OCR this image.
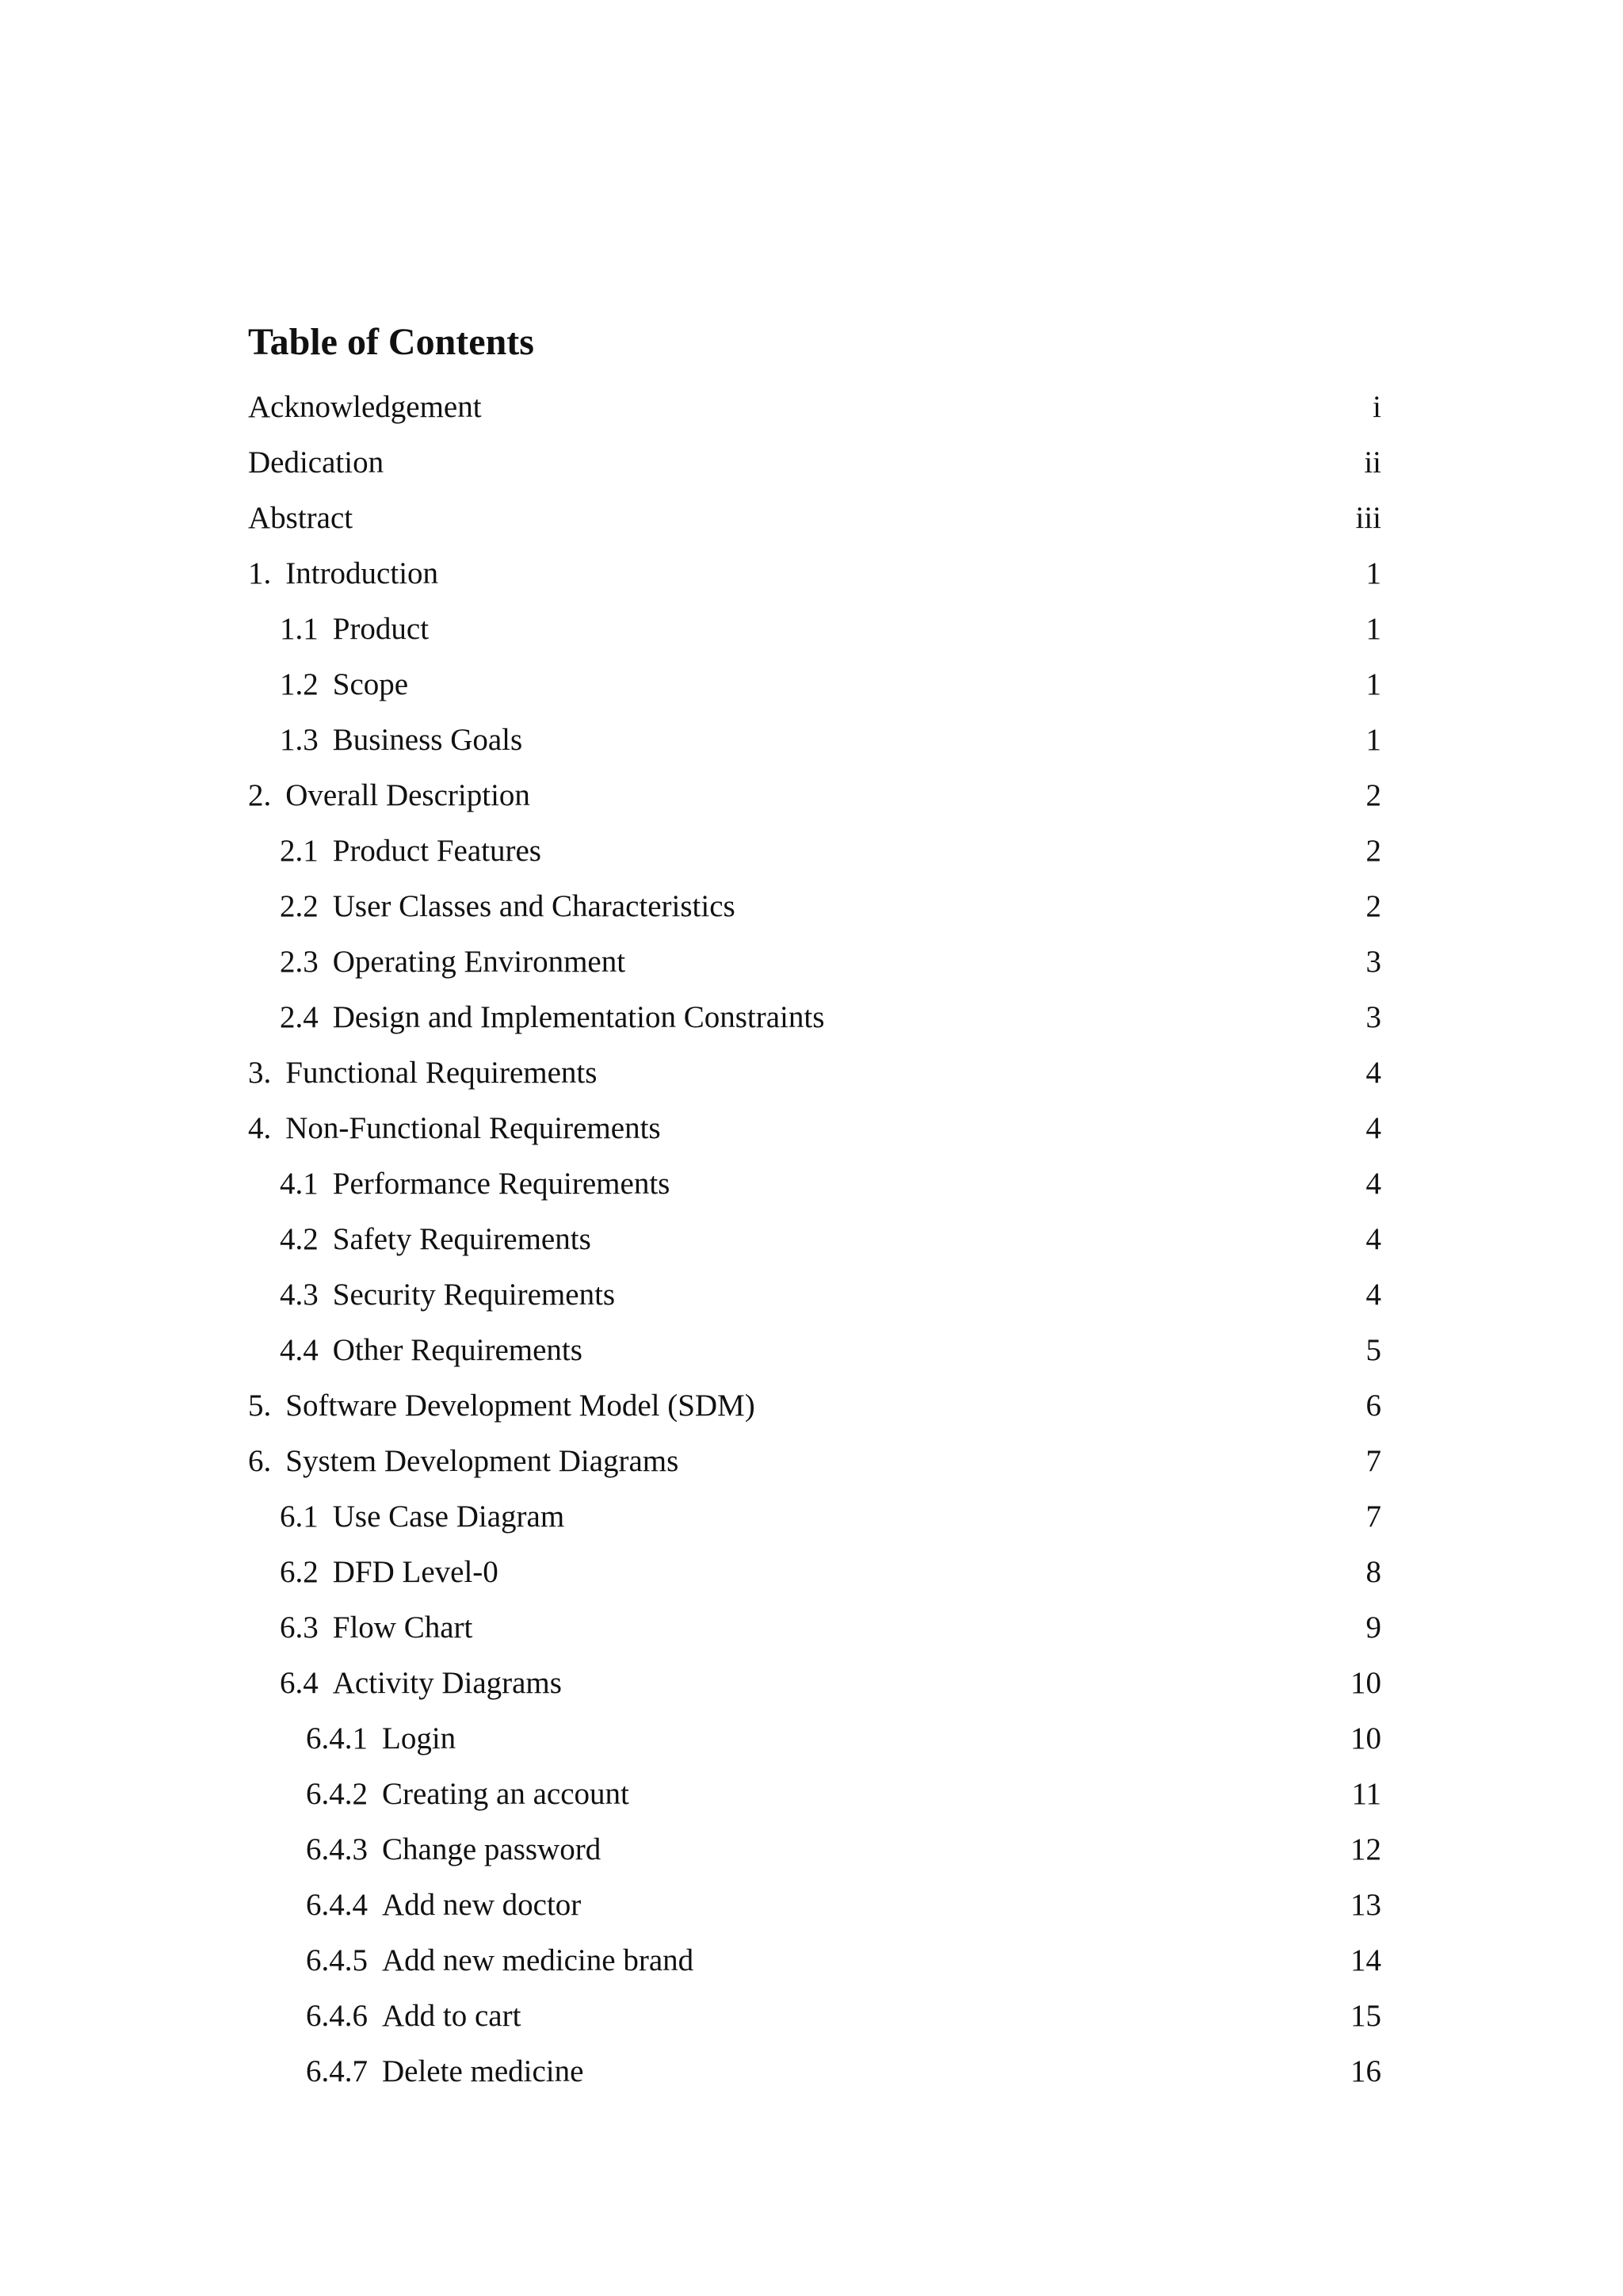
Table of Contents
Acknowledgement	i
Dedication	ii
Abstract	iii
1. Introduction	1
1.1 Product	1
1.2 Scope	1
1.3 Business Goals	1
2. Overall Description	2
2.1 Product Features	2
2.2 User Classes and Characteristics	2
2.3 Operating Environment	3
2.4 Design and Implementation Constraints	3
3. Functional Requirements	4
4. Non-Functional Requirements	4
4.1 Performance Requirements	4
4.2 Safety Requirements	4
4.3 Security Requirements	4
4.4 Other Requirements	5
5. Software Development Model (SDM)	6
6. System Development Diagrams	7
6.1 Use Case Diagram	7
6.2 DFD Level-0	8
6.3 Flow Chart	9
6.4 Activity Diagrams	10
6.4.1 Login	10
6.4.2 Creating an account	11
6.4.3 Change password	12
6.4.4 Add new doctor	13
6.4.5 Add new medicine brand	14
6.4.6 Add to cart	15
6.4.7 Delete medicine	16
